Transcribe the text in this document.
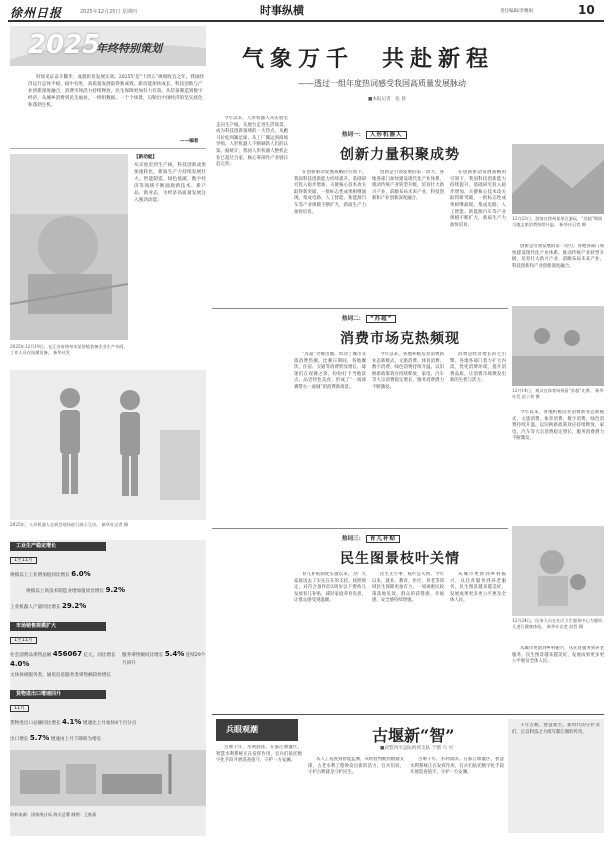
徐州日报	2025年12月25日 星期四	时事纵横	责任编辑/李雅娟	10
2025
年终特别策划
时间见证奋斗脚步，成就彰显发展实效。2025年是“十四五”规划收官之年，我国经济运行总体平稳、稳中有进，高质量发展取得新成效。新动能加快成长，科技创新与产业创新深度融合，消费市场活力持续释放，民生保障更加有力有效。从装备制造到数字经济，从城乡消费到民生福祉，一组组数据、一个个场景，勾勒出中国经济的坚实底色和蓬勃生机。
——编者
2025年12月19日，在江苏省徐州市某智能装备企业生产车间，工作人员在检测设备。 新华社发
【新动能】
从实验室到生产线，科技创新成果加速转化，新质生产力持续发展壮大。智能制造、绿色低碳、数字经济等领域不断涌现新技术、新产品、新业态，为经济高质量发展注入强劲动能。
2025年，人形机器人在展会现场进行展示互动。 新华社记者 摄
工业生产稳定增长
1至11月
规模以上工业增加值同比增长 6.0%
规模以上高技术制造业增加值同比增长 9.2%
工业机器人产量同比增长 29.2%
市场销售规模扩大
1至11月
社会消费品零售总额 456067 亿元，同比增长 4.0%
服务零售额同比增长 5.4% 连续29个月回升
文体休闲服务类、通讯信息服务类零售额较快增长
货物进出口增速回升
11月
货物进出口总额同比增长 4.1% 增速比上月加快4个百分点
出口增长 5.7% 增速由上月下降转为增长
资料来源：国家统计局 海关总署 制图：王秋燕
气象万千　共赴新程
——透过一组年度热词感受我国高质量发展脉动
■本报记者　张 晨
热词一： 人形机器人
创新力量积聚成势

今年以来，人形机器人从实验室走向生产线、从展台走进生活场景，成为科技创新领域的一大热点。从跑马拉松到踢足球，从工厂搬运到商场导购，人形机器人不断刷新人们的认知。据统计，我国人形机器人整机企业已超过百家，核心零部件产业链日趋完善。

在创新驱动发展战略的引领下，我国科技创新能力持续提升。基础研究投入稳步增加，关键核心技术攻关取得新突破，一批标志性成果相继涌现。集成电路、人工智能、新能源汽车等产业规模不断扩大，新质生产力加快培育。

创新是引领发展的第一动力。各地各部门加快建设现代化产业体系，推动传统产业转型升级，培育壮大新兴产业，前瞻布局未来产业，科技创新和产业创新深度融合。

在创新驱动发展战略的引领下，我国科技创新能力持续提升。基础研究投入稳步增加，关键核心技术攻关取得新突破，一批标志性成果相继涌现。集成电路、人工智能、新能源汽车等产业规模不断扩大，新质生产力加快培育。

12月23日，游客在徐州某景区游玩，“苏超”期间当地文旅消费持续升温。 新华社记者 摄

创新是引领发展的第一动力。各地各部门加快建设现代化产业体系，推动传统产业转型升级，培育壮大新兴产业，前瞻布局未来产业，科技创新和产业创新深度融合。

热词二： “苏超”
消费市场克热频现

“苏超”火爆出圈，带动了城市文旅消费热潮。比赛日期间，各地餐饮、住宿、交通等消费明显增长，球迷们在观赛之余，纷纷打卡当地景点、品尝特色美食，形成了“一场球赛带火一座城”的消费新场景。

今年以来，各地积极培育消费新业态新模式，文旅消费、体育消费、数字消费、绿色消费持续升温。以旧换新政策效应持续释放，家电、汽车等大宗消费稳定增长，服务消费潜力不断激发。

消费是经济增长的主引擎。各地各部门着力扩大内需，优化消费环境，提升消费品质，让消费市场焕发出新的生机与活力。

12月14日，观众在体育场观看“苏超”比赛。 新华社发 赵子荷 摄

今年以来，各地积极培育消费新业态新模式，文旅消费、体育消费、数字消费、绿色消费持续升温。以旧换新政策效应持续释放，家电、汽车等大宗消费稳定增长，服务消费潜力不断激发。

热词三： 育儿补贴
民生图景枝叶关情

育儿补贴制度实施以来，为广大家庭送去了实实在在的支持。按照规定，对符合条件的3周岁以下婴幼儿发放育儿补贴，减轻家庭养育负担，让群众感受到温暖。

民生无小事，枝叶总关情。今年以来，就业、教育、医疗、养老等领域民生保障更加有力，一项项惠民政策落地见效，群众的获得感、幸福感、安全感持续增强。

从城市更新到乡村振兴，从托育服务到养老服务，民生图景越来越美好，发展成果更多更公平惠及全体人民。

12月24日，医务人员在社区卫生服务中心为婴幼儿进行健康体检。 新华社记者 赵哲 摄

从城市更新到乡村振兴，从托育服务到养老服务，民生图景越来越美好，发展成果更多更公平惠及全体人民。

兵眼观潮	古堰新“智”
■武警四川总队阿坝支队 于熠 马 可

古堰千年，水利润泽。在都江堰灌区，智慧水利系统正在发挥作用，官兵们依托数字化手段开展巡查值守，守护一方安澜。	从人工巡查到智能监测，从经验判断到数据支撑，古老水利工程焕发出新的活力。官兵们说，守护古堰就是守护民生。

古堰千年，水利润泽。在都江堰灌区，智慧水利系统正在发挥作用，官兵们依托数字化手段开展巡查值守，守护一方安澜。

千年古堰，智慧新生。新时代的守护者们，正以科技之力续写都江堰的传奇。
